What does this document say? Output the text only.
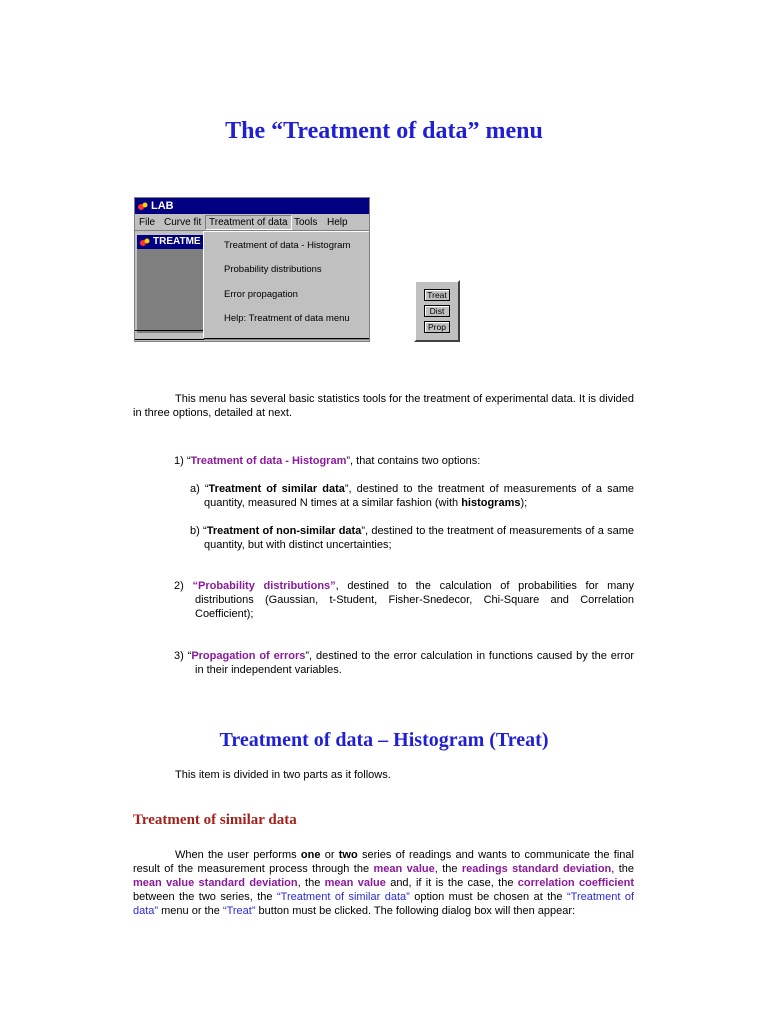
The “Treatment of data” menu
LAB
File Curve fit Treatment of data Tools Help
TREATME	Treatment of data - Histogram
Probability distributions
Error propagation
Help: Treatment of data menu
Treat
Dist
Prop

This menu has several basic statistics tools for the treatment of experimental data. It is divided in three options, detailed at next.

1) “Treatment of data - Histogram”, that contains two options:

a) “Treatment of similar data”, destined to the treatment of measurements of a same quantity, measured N times at a similar fashion (with histograms);

b) “Treatment of non-similar data”, destined to the treatment of measurements of a same quantity, but with distinct uncertainties;

2) “Probability distributions”, destined to the calculation of probabilities for many distributions (Gaussian, t-Student, Fisher-Snedecor, Chi-Square and Correlation Coefficient);

3) “Propagation of errors”, destined to the error calculation in functions caused by the error in their independent variables.

Treatment of data – Histogram (Treat)

This item is divided in two parts as it follows.

Treatment of similar data

When the user performs one or two series of readings and wants to communicate the final result of the measurement process through the mean value, the readings standard deviation, the mean value standard deviation, the mean value and, if it is the case, the correlation coefficient between the two series, the “Treatment of similar data” option must be chosen at the “Treatment of data” menu or the “Treat” button must be clicked. The following dialog box will then appear:
